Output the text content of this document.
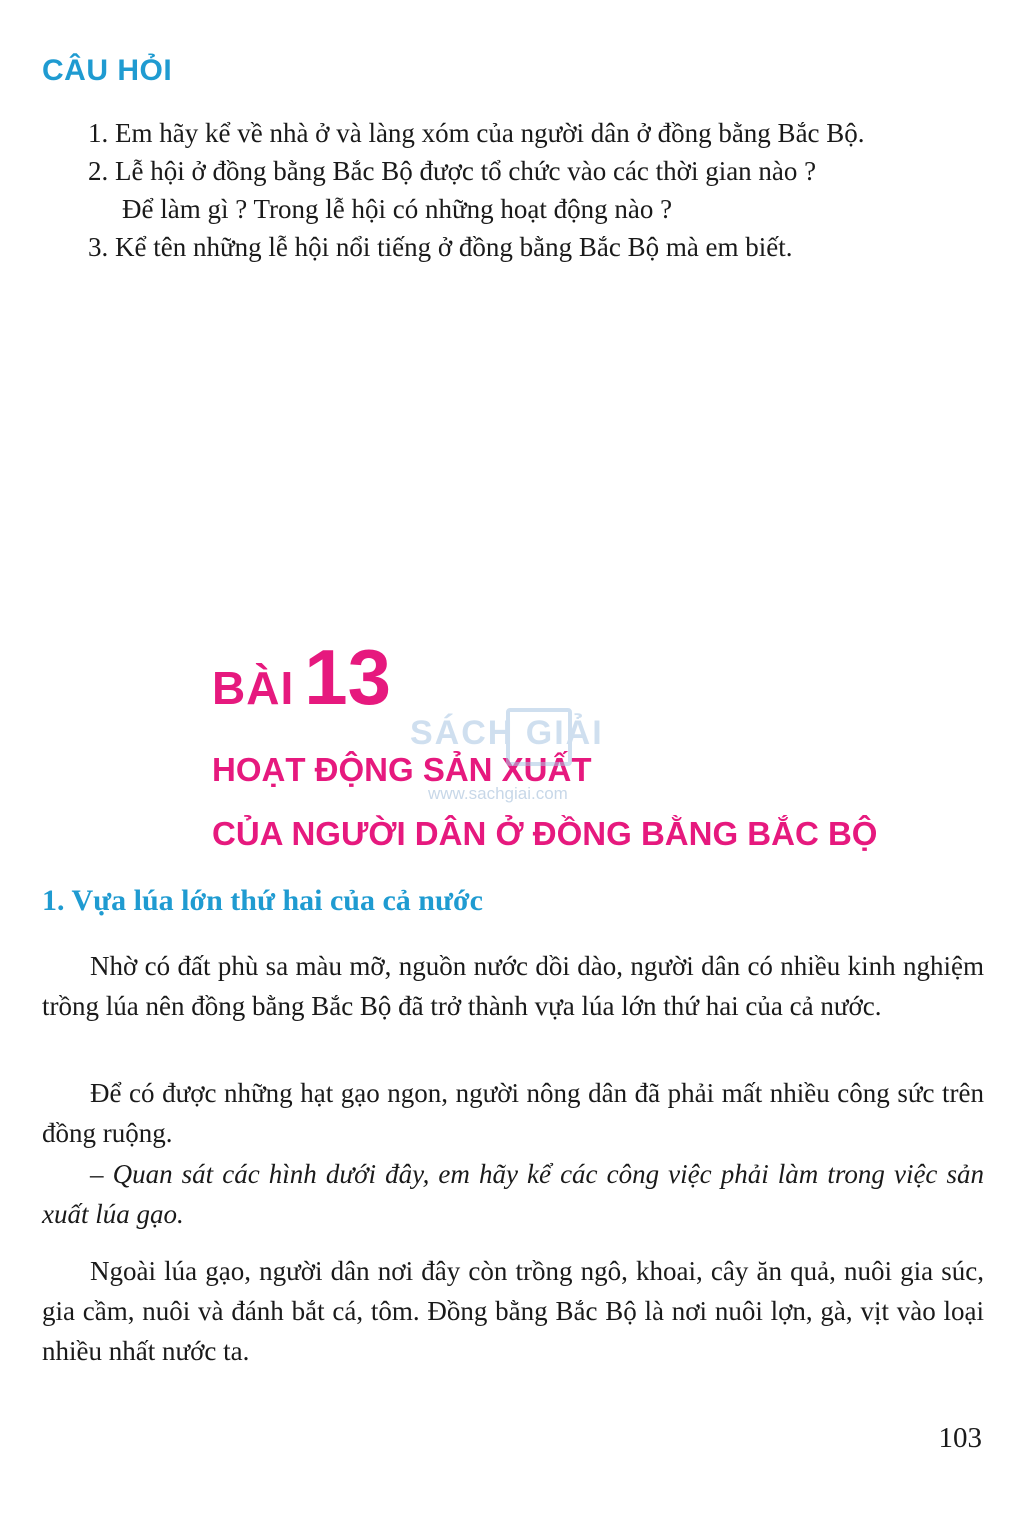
CÂU HỎI
1. Em hãy kể về nhà ở và làng xóm của người dân ở đồng bằng Bắc Bộ.
2. Lễ hội ở đồng bằng Bắc Bộ được tổ chức vào các thời gian nào ?
Để làm gì ? Trong lễ hội có những hoạt động nào ?
3. Kể tên những lễ hội nổi tiếng ở đồng bằng Bắc Bộ mà em biết.
BÀI 13
HOẠT ĐỘNG SẢN XUẤT
CỦA NGƯỜI DÂN Ở ĐỒNG BẰNG BẮC BỘ
SÁCH GIẢI
www.sachgiai.com
1. Vựa lúa lớn thứ hai của cả nước

Nhờ có đất phù sa màu mỡ, nguồn nước dồi dào, người dân có nhiều kinh nghiệm trồng lúa nên đồng bằng Bắc Bộ đã trở thành vựa lúa lớn thứ hai của cả nước.

Để có được những hạt gạo ngon, người nông dân đã phải mất nhiều công sức trên đồng ruộng.

– Quan sát các hình dưới đây, em hãy kể các công việc phải làm trong việc sản xuất lúa gạo.

Ngoài lúa gạo, người dân nơi đây còn trồng ngô, khoai, cây ăn quả, nuôi gia súc, gia cầm, nuôi và đánh bắt cá, tôm. Đồng bằng Bắc Bộ là nơi nuôi lợn, gà, vịt vào loại nhiều nhất nước ta.

103
